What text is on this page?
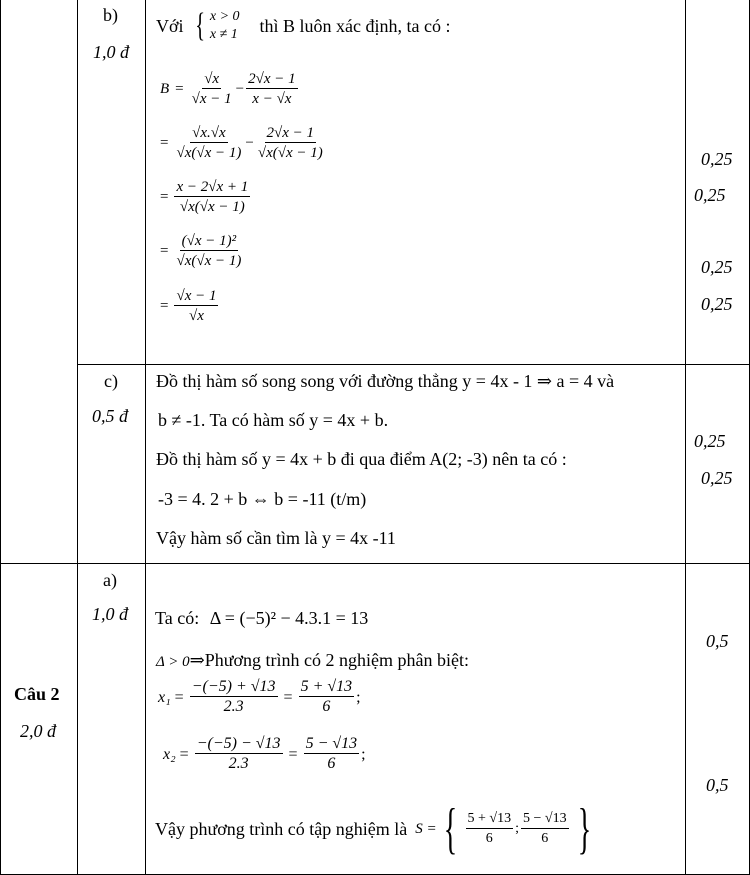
b)
1,0 đ
Với { x > 0
x ≠ 1 thì B luôn xác định, ta có :
$B = \frac{√x}{√x - 1} - \frac{2√x - 1}{x - √x}$
= $\frac{√x.√x}{√x(√x - 1)} - \frac{2√x - 1}{√x(√x - 1)}$
= $\frac{x - 2√x + 1}{√x(√x - 1)}$
= $\frac{\text{(√x − 1)²}}{√x(√x - 1)}$
= $\frac{√x - 1}{√x}$
0,25
0,25
0,25
0,25
c)
0,5 đ
Đồ thị hàm số song song với đường thẳng y = 4x - 1 ⇒ a = 4 và
b ≠ -1. Ta có hàm số y = 4x + b.
Đồ thị hàm số y = 4x + b đi qua điểm A(2; -3) nên ta có :
-3 = 4. 2 + b ⇔ b = -11 (t/m)
Vậy hàm số cần tìm là y = 4x -11
0,25
0,25
Câu 2
2,0 đ
a)
1,0 đ Ta có: Δ = (−5)² − 4.3.1 = 13
Δ > 0⇒Phương trình có 2 nghiệm phân biệt:
$x_1 = \frac{-(-5) + √13}{2.3} = \frac{5 + √13}{6}$ ;
$x_2 = \frac{-(-5) - √13}{2.3} = \frac{5 - √13}{6}$ ;
Vậy phương trình có tập nghiệm là S = { $\frac{5 + √13}{6}$ ; $\frac{5 - √13}{6}$ }
0,5
0,5
